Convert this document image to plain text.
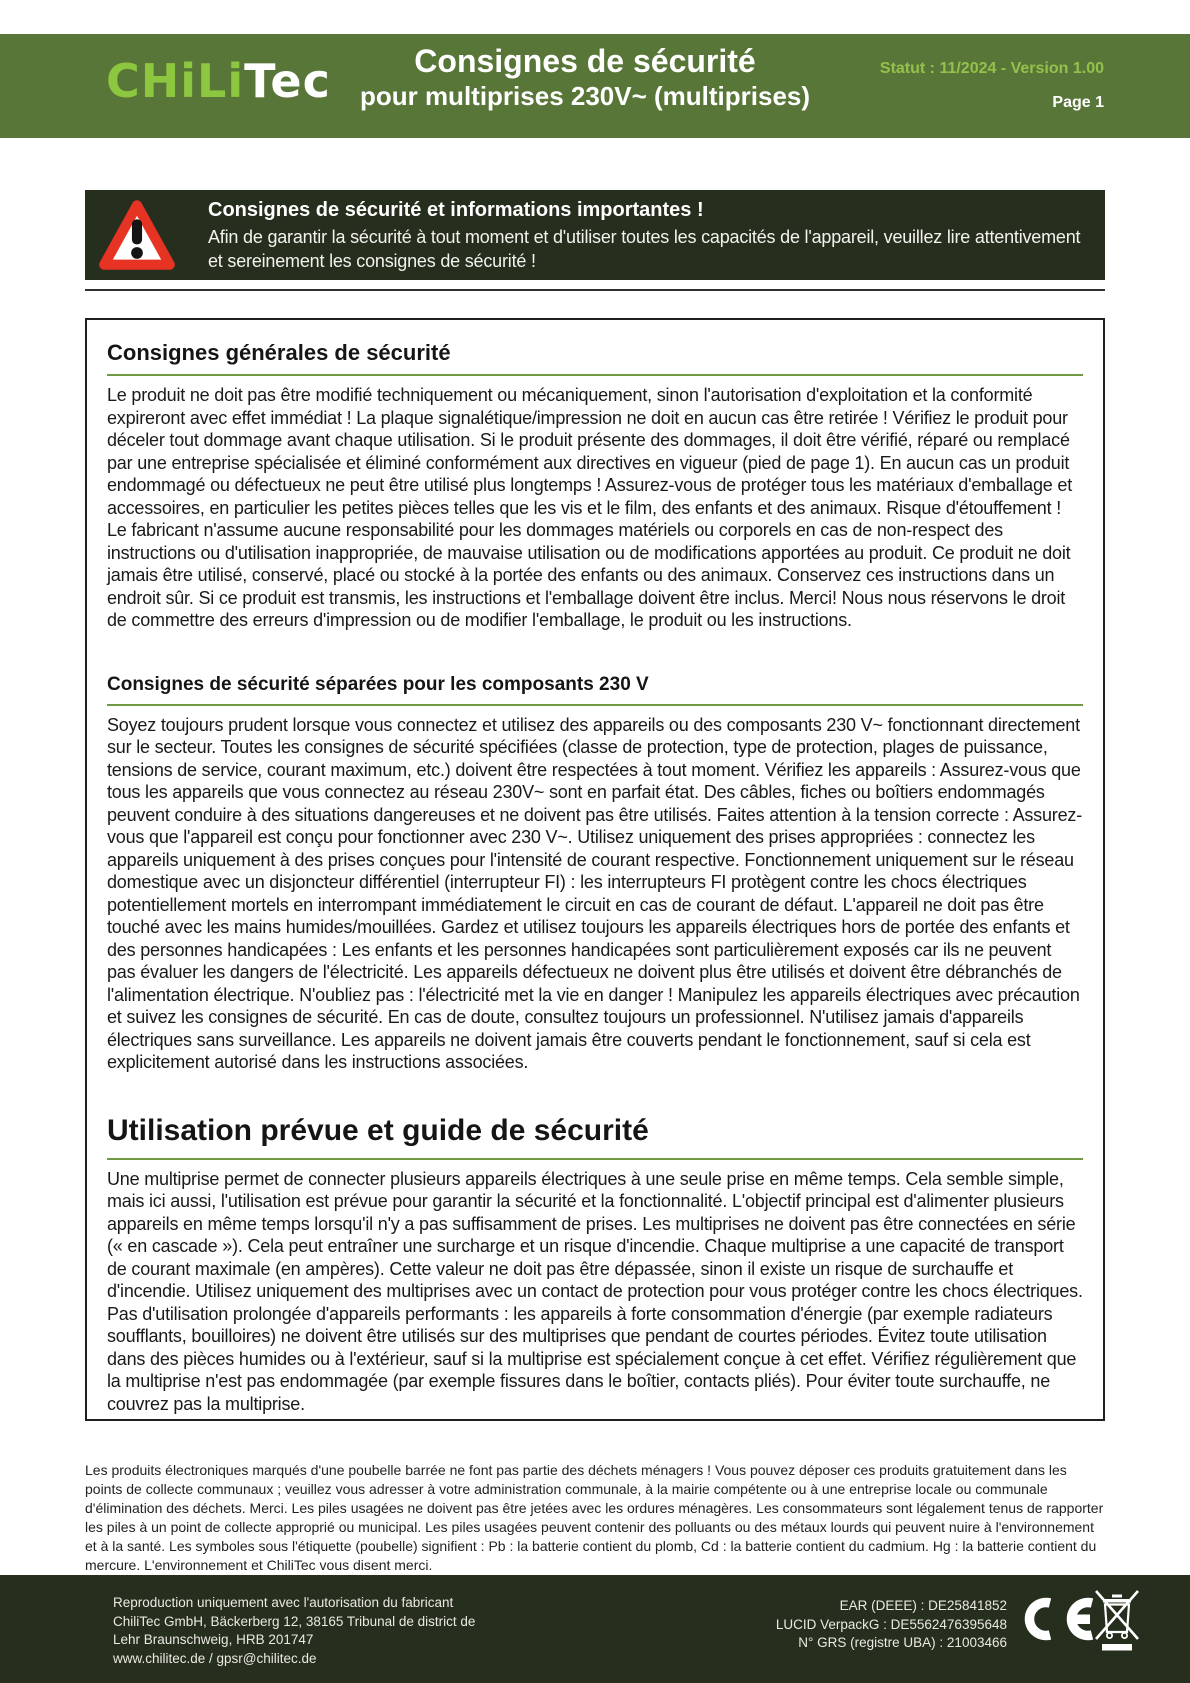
CHiLiTec	Consignes de sécurité
pour multiprises 230V~ (multiprises)
Statut : 11/2024 - Version 1.00
Page 1
Consignes de sécurité et informations importantes !
Afin de garantir la sécurité à tout moment et d'utiliser toutes les capacités de l'appareil, veuillez lire attentivement et sereinement les consignes de sécurité !
Consignes générales de sécurité

Le produit ne doit pas être modifié techniquement ou mécaniquement, sinon l'autorisation d'exploitation et la conformité expireront avec effet immédiat ! La plaque signalétique/impression ne doit en aucun cas être retirée ! Vérifiez le produit pour déceler tout dommage avant chaque utilisation. Si le produit présente des dommages, il doit être vérifié, réparé ou remplacé par une entreprise spécialisée et éliminé conformément aux directives en vigueur (pied de page 1). En aucun cas un produit endommagé ou défectueux ne peut être utilisé plus longtemps ! Assurez-vous de protéger tous les matériaux d'emballage et accessoires, en particulier les petites pièces telles que les vis et le film, des enfants et des animaux. Risque d'étouffement ! Le fabricant n'assume aucune responsabilité pour les dommages matériels ou corporels en cas de non-respect des instructions ou d'utilisation inappropriée, de mauvaise utilisation ou de modifications apportées au produit. Ce produit ne doit jamais être utilisé, conservé, placé ou stocké à la portée des enfants ou des animaux. Conservez ces instructions dans un endroit sûr. Si ce produit est transmis, les instructions et l'emballage doivent être inclus. Merci! Nous nous réservons le droit de commettre des erreurs d'impression ou de modifier l'emballage, le produit ou les instructions.

Consignes de sécurité séparées pour les composants 230 V

Soyez toujours prudent lorsque vous connectez et utilisez des appareils ou des composants 230 V~ fonctionnant directement sur le secteur. Toutes les consignes de sécurité spécifiées (classe de protection, type de protection, plages de puissance, tensions de service, courant maximum, etc.) doivent être respectées à tout moment. Vérifiez les appareils : Assurez-vous que tous les appareils que vous connectez au réseau 230V~ sont en parfait état. Des câbles, fiches ou boîtiers endommagés peuvent conduire à des situations dangereuses et ne doivent pas être utilisés. Faites attention à la tension correcte : Assurez-vous que l'appareil est conçu pour fonctionner avec 230 V~. Utilisez uniquement des prises appropriées : connectez les appareils uniquement à des prises conçues pour l'intensité de courant respective. Fonctionnement uniquement sur le réseau domestique avec un disjoncteur différentiel (interrupteur FI) : les interrupteurs FI protègent contre les chocs électriques potentiellement mortels en interrompant immédiatement le circuit en cas de courant de défaut. L'appareil ne doit pas être touché avec les mains humides/mouillées. Gardez et utilisez toujours les appareils électriques hors de portée des enfants et des personnes handicapées : Les enfants et les personnes handicapées sont particulièrement exposés car ils ne peuvent pas évaluer les dangers de l'électricité. Les appareils défectueux ne doivent plus être utilisés et doivent être débranchés de l'alimentation électrique. N'oubliez pas : l'électricité met la vie en danger ! Manipulez les appareils électriques avec précaution et suivez les consignes de sécurité. En cas de doute, consultez toujours un professionnel. N'utilisez jamais d'appareils électriques sans surveillance. Les appareils ne doivent jamais être couverts pendant le fonctionnement, sauf si cela est explicitement autorisé dans les instructions associées.

Utilisation prévue et guide de sécurité

Une multiprise permet de connecter plusieurs appareils électriques à une seule prise en même temps. Cela semble simple, mais ici aussi, l'utilisation est prévue pour garantir la sécurité et la fonctionnalité. L'objectif principal est d'alimenter plusieurs appareils en même temps lorsqu'il n'y a pas suffisamment de prises. Les multiprises ne doivent pas être connectées en série (« en cascade »). Cela peut entraîner une surcharge et un risque d'incendie. Chaque multiprise a une capacité de transport de courant maximale (en ampères). Cette valeur ne doit pas être dépassée, sinon il existe un risque de surchauffe et d'incendie. Utilisez uniquement des multiprises avec un contact de protection pour vous protéger contre les chocs électriques. Pas d'utilisation prolongée d'appareils performants : les appareils à forte consommation d'énergie (par exemple radiateurs soufflants, bouilloires) ne doivent être utilisés sur des multiprises que pendant de courtes périodes. Évitez toute utilisation dans des pièces humides ou à l'extérieur, sauf si la multiprise est spécialement conçue à cet effet. Vérifiez régulièrement que la multiprise n'est pas endommagée (par exemple fissures dans le boîtier, contacts pliés). Pour éviter toute surchauffe, ne couvrez pas la multiprise.

Les produits électroniques marqués d'une poubelle barrée ne font pas partie des déchets ménagers ! Vous pouvez déposer ces produits gratuitement dans les points de collecte communaux ; veuillez vous adresser à votre administration communale, à la mairie compétente ou à une entreprise locale ou communale d'élimination des déchets. Merci. Les piles usagées ne doivent pas être jetées avec les ordures ménagères. Les consommateurs sont légalement tenus de rapporter les piles à un point de collecte approprié ou municipal. Les piles usagées peuvent contenir des polluants ou des métaux lourds qui peuvent nuire à l'environnement et à la santé. Les symboles sous l'étiquette (poubelle) signifient : Pb : la batterie contient du plomb, Cd : la batterie contient du cadmium. Hg : la batterie contient du mercure. L'environnement et ChiliTec vous disent merci.

Reproduction uniquement avec l'autorisation du fabricant
ChiliTec GmbH, Bäckerberg 12, 38165 Tribunal de district de
Lehr Braunschweig, HRB 201747
www.chilitec.de / gpsr@chilitec.de
EAR (DEEE) : DE25841852
LUCID VerpackG : DE5562476395648
N° GRS (registre UBA) : 21003466
